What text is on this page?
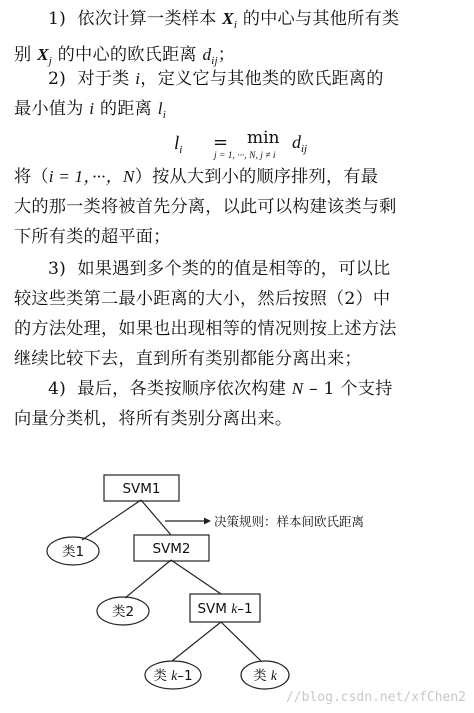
1) 依次计算一类样本 $X_i$ 的中心与其他所有类

别 $X_j$ 的中心的欧氏距离 $d_{ij}$；

2) 对于类 i，定义它与其他类的欧氏距离的

最小值为 i 的距离 $l_i$

$l_i = \min$
j = 1, ···, N, j ≠ i
$d_{ij}$

将（i = 1，···，N）按从大到小的顺序排列，有最

大的那一类将被首先分离，以此可以构建该类与剩

下所有类的超平面；

3) 如果遇到多个类的的值是相等的，可以比

较这些类第二最小距离的大小，然后按照（2）中

的方法处理，如果也出现相等的情况则按上述方法

继续比较下去，直到所有类别都能分离出来；

4) 最后，各类按顺序依次构建 N – 1 个支持

向量分类机，将所有类别分离出来。

SVM1
SVM2
SVM k–1
类1
类2
类 k–1	类 k
决策规则：样本间欧氏距离
//blog.csdn.net/xfChen2
